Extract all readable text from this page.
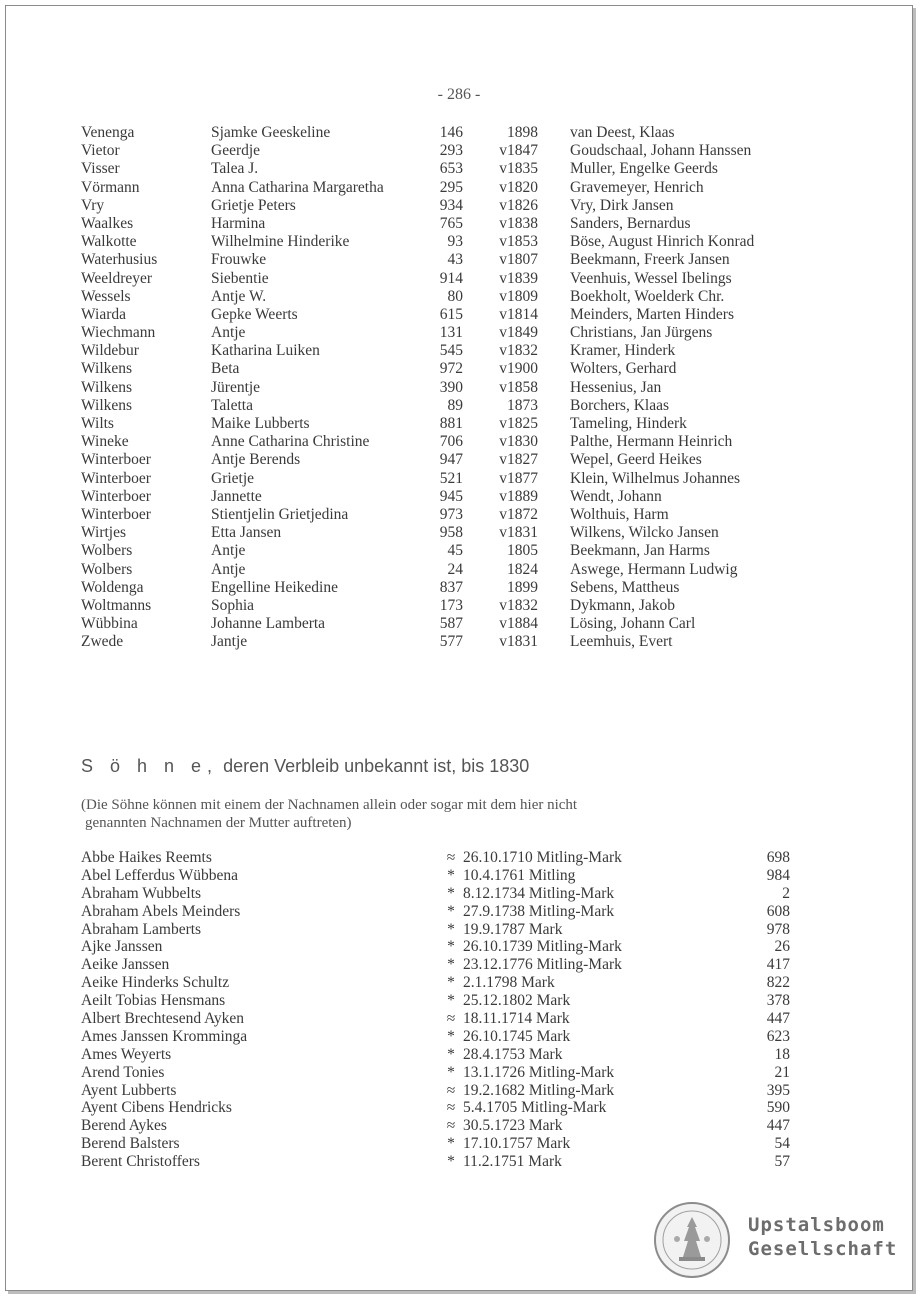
- 286 -
Venenga	Sjamke Geeskeline	146	1898 van Deest, Klaas
Vietor	Geerdje	293	v1847 Goudschaal, Johann Hanssen
Visser	Talea J.	653	v1835 Muller, Engelke Geerds
Vörmann	Anna Catharina Margaretha	295	v1820 Gravemeyer, Henrich
Vry	Grietje Peters	934	v1826 Vry, Dirk Jansen
Waalkes	Harmina	765	v1838 Sanders, Bernardus
Walkotte	Wilhelmine Hinderike	93	v1853 Böse, August Hinrich Konrad
Waterhusius	Frouwke	43	v1807 Beekmann, Freerk Jansen
Weeldreyer	Siebentie	914	v1839 Veenhuis, Wessel Ibelings
Wessels	Antje W.	80	v1809 Boekholt, Woelderk Chr.
Wiarda	Gepke Weerts	615	v1814 Meinders, Marten Hinders
Wiechmann	Antje	131	v1849 Christians, Jan Jürgens
Wildebur	Katharina Luiken	545	v1832 Kramer, Hinderk
Wilkens	Beta	972	v1900 Wolters, Gerhard
Wilkens	Jürentje	390	v1858 Hessenius, Jan
Wilkens	Taletta	89	1873 Borchers, Klaas
Wilts	Maike Lubberts	881	v1825 Tameling, Hinderk
Wineke	Anne Catharina Christine	706	v1830 Palthe, Hermann Heinrich
Winterboer	Antje Berends	947	v1827 Wepel, Geerd Heikes
Winterboer	Grietje	521	v1877 Klein, Wilhelmus Johannes
Winterboer	Jannette	945	v1889 Wendt, Johann
Winterboer	Stientjelin Grietjedina	973	v1872 Wolthuis, Harm
Wirtjes	Etta Jansen	958	v1831 Wilkens, Wilcko Jansen
Wolbers	Antje	45	1805 Beekmann, Jan Harms
Wolbers	Antje	24	1824 Aswege, Hermann Ludwig
Woldenga	Engelline Heikedine	837	1899 Sebens, Mattheus
Woltmanns	Sophia	173	v1832 Dykmann, Jakob
Wübbina	Johanne Lamberta	587	v1884 Lösing, Johann Carl
Zwede	Jantje	577	v1831 Leemhuis, Evert
S ö h n e, deren Verbleib unbekannt ist, bis 1830
(Die Söhne können mit einem der Nachnamen allein oder sogar mit dem hier nicht
genannten Nachnamen der Mutter auftreten)
Abbe Haikes Reemts	≈ 26.10.1710 Mitling-Mark	698
Abel Lefferdus Wübbena	* 10.4.1761 Mitling	984
Abraham Wubbelts	* 8.12.1734 Mitling-Mark	2
Abraham Abels Meinders	* 27.9.1738 Mitling-Mark	608
Abraham Lamberts	* 19.9.1787 Mark	978
Ajke Janssen	* 26.10.1739 Mitling-Mark	26
Aeike Janssen	* 23.12.1776 Mitling-Mark	417
Aeike Hinderks Schultz	* 2.1.1798 Mark	822
Aeilt Tobias Hensmans	* 25.12.1802 Mark	378
Albert Brechtesend Ayken	≈ 18.11.1714 Mark	447
Ames Janssen Kromminga	* 26.10.1745 Mark	623
Ames Weyerts	* 28.4.1753 Mark	18
Arend Tonies	* 13.1.1726 Mitling-Mark	21
Ayent Lubberts	≈ 19.2.1682 Mitling-Mark	395
Ayent Cibens Hendricks	≈ 5.4.1705 Mitling-Mark	590
Berend Aykes	≈ 30.5.1723 Mark	447
Berend Balsters	* 17.10.1757 Mark	54
Berent Christoffers	* 11.2.1751 Mark	57
Upstalsboom
Gesellschaft
